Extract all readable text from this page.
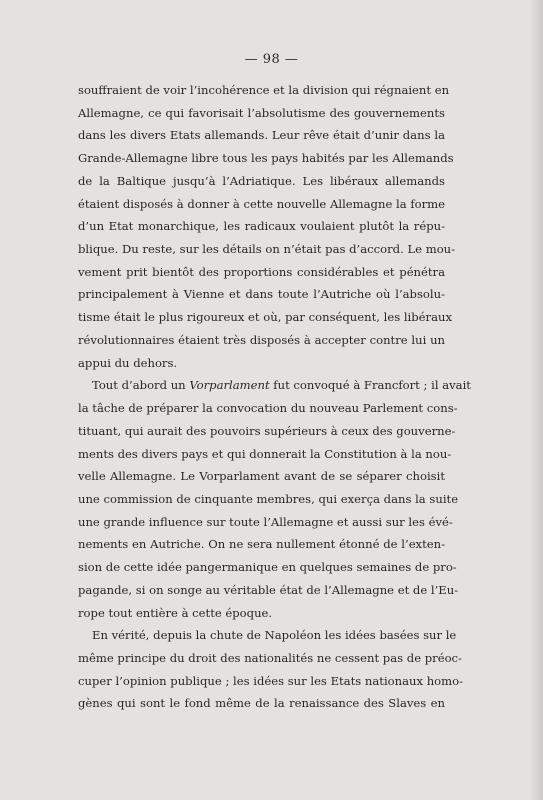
— 98 —
souffraient de voir l’incohérence et la division qui régnaient en
Allemagne, ce qui favorisait l’absolutisme des gouvernements
dans les divers Etats allemands. Leur rêve était d’unir dans la
Grande-Allemagne libre tous les pays habités par les Allemands
de la Baltique jusqu’à l’Adriatique. Les libéraux allemands
étaient disposés à donner à cette nouvelle Allemagne la forme
d’un Etat monarchique, les radicaux voulaient plutôt la répu-
blique. Du reste, sur les détails on n’était pas d’accord. Le mou-
vement prit bientôt des proportions considérables et pénétra
principalement à Vienne et dans toute l’Autriche où l’absolu-
tisme était le plus rigoureux et où, par conséquent, les libéraux
révolutionnaires étaient très disposés à accepter contre lui un
appui du dehors.
Tout d’abord un Vorparlament fut convoqué à Francfort ; il avait
la tâche de préparer la convocation du nouveau Parlement cons-
tituant, qui aurait des pouvoirs supérieurs à ceux des gouverne-
ments des divers pays et qui donnerait la Constitution à la nou-
velle Allemagne. Le Vorparlament avant de se séparer choisit
une commission de cinquante membres, qui exerça dans la suite
une grande influence sur toute l’Allemagne et aussi sur les évé-
nements en Autriche. On ne sera nullement étonné de l’exten-
sion de cette idée pangermanique en quelques semaines de pro-
pagande, si on songe au véritable état de l’Allemagne et de l’Eu-
rope tout entière à cette époque.
En vérité, depuis la chute de Napoléon les idées basées sur le
même principe du droit des nationalités ne cessent pas de préoc-
cuper l’opinion publique ; les idées sur les Etats nationaux homo-
gènes qui sont le fond même de la renaissance des Slaves en
